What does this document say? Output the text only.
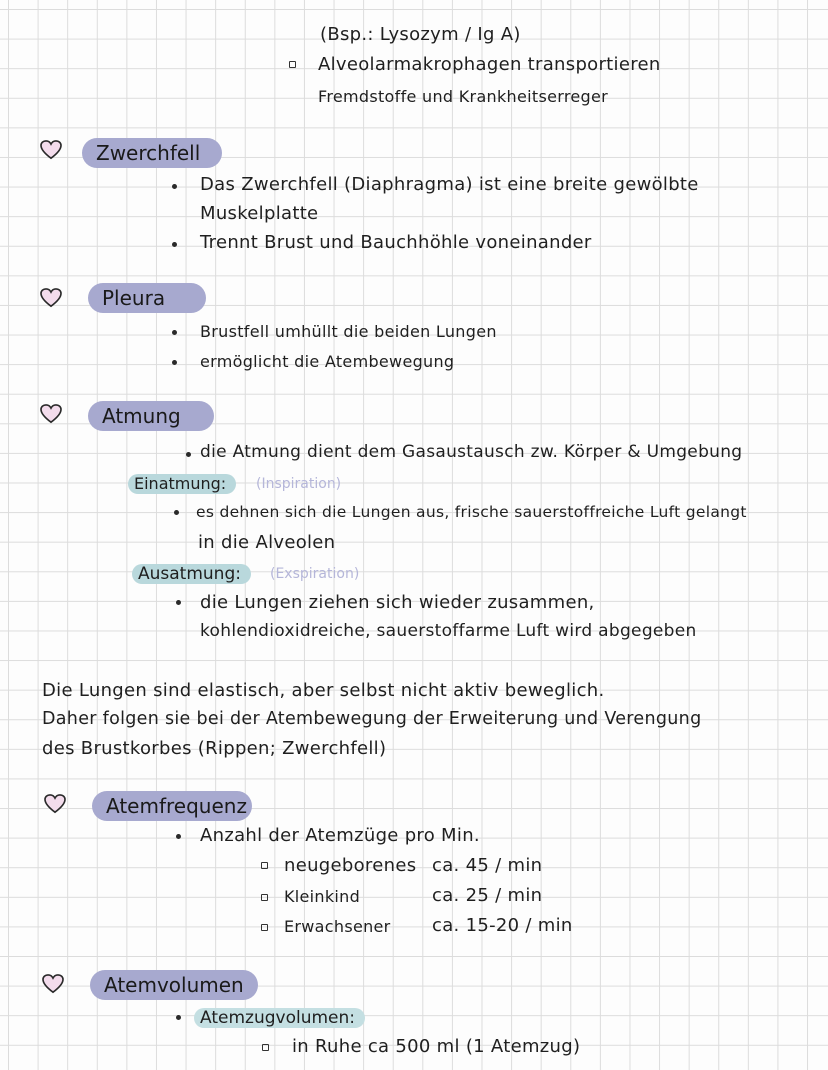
(Bsp.: Lysozym / Ig A)
Alveolarmakrophagen transportieren
Fremdstoffe und Krankheitserreger
Zwerchfell
Das Zwerchfell (Diaphragma) ist eine breite gewölbte
Muskelplatte
Trennt Brust und Bauchhöhle voneinander
Pleura
Brustfell umhüllt die beiden Lungen
ermöglicht die Atembewegung
Atmung
die Atmung dient dem Gasaustausch zw. Körper & Umgebung
Einatmung:	(Inspiration)
es dehnen sich die Lungen aus, frische sauerstoffreiche Luft gelangt
in die Alveolen
Ausatmung:	(Exspiration)
die Lungen ziehen sich wieder zusammen,
kohlendioxidreiche, sauerstoffarme Luft wird abgegeben
Die Lungen sind elastisch, aber selbst nicht aktiv beweglich.
Daher folgen sie bei der Atembewegung der Erweiterung und Verengung
des Brustkorbes (Rippen; Zwerchfell)
Atemfrequenz
Anzahl der Atemzüge pro Min.
neugeborenes ca. 45 / min
Kleinkind	ca. 25 / min
Erwachsener ca. 15-20 / min
Atemvolumen
Atemzugvolumen:
in Ruhe ca 500 ml (1 Atemzug)
